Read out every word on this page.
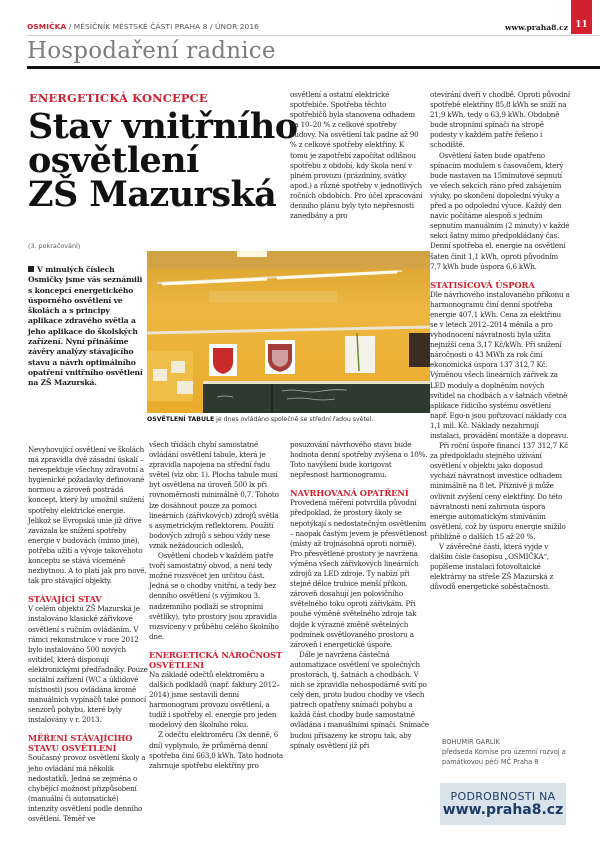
OSMIČKA / MĚSÍČNÍK MĚSTSKÉ ČÁSTI PRAHA 8 / ÚNOR 2016	www.praha8.cz 11
Hospodaření radnice
ENERGETICKÁ KONCEPCE
Stav vnitřního
osvětlení
ZŠ Mazurská
(3. pokračování)
V minulých číslech Osmičky jsme vás seznámili s koncepcí energetického úsporného osvětlení ve školách a s principy aplikace zdravého světla a jeho aplikace do školských zařízení. Nyní přinášíme závěry analýzy stávajícího stavu a návrh optimálního opatření vnitřního osvětlení na ZŠ Mazurská.
OSVĚTLENÍ TABULE je dnes ovládáno společně se střední řadou světel.

Nevyhovující osvětlení ve školách má zpravidla dvě zásadní úskalí – nerespektuje všechny zdravotní a hygienické požadavky definované normou a zároveň postrádá koncept, který by umožnil snížení spotřeby elektrické energie. Jelikož se Evropská unie již dříve zavázala ke snížení spotřeby energie v budovách (mimo jiné), potřeba užití a vývoje takovéhoto konceptu se stává víceméně nezbytnou. A to platí jak pro nové, tak pro stávající objekty.

STÁVAJÍCÍ STAV

V celém objektu ZŠ Mazurská je instalováno klasické zářivkové osvětlení s ručním ovládáním. V rámci rekonstrukce v roce 2012 bylo instalováno 500 nových svítidel, která disponují elektronickými předřadníky. Pouze sociální zařízení (WC a úklidové místnosti) jsou ovládána kromě manuálních vypínačů také pomocí senzorů pohybu, které byly instalovány v r. 2013.

MĚŘENÍ STÁVAJÍCÍHO STAVU OSVĚTLENÍ

Současný provoz osvětlení školy a jeho ovládání má několik nedostatků. Jedná se zejména o chybějící možnost přizpůsobení (manuální či automatické) intenzity osvětlení podle denního osvětlení. Téměř ve

všech třídách chybí samostatné ovládání osvětlení tabule, která je zpravidla napojena na střední řadu světel (viz obr. 1). Plocha tabule musí byt osvětlena na úroveň 500 lx při rovnoměrnosti minimálně 0,7. Tohoto lze dosáhnout pouze za pomoci lineárních (zářivkových) zdrojů světla s asymetrickým reflektorem. Použití bodových zdrojů s sebou vždy nese vznik nežádoucích odlesků.

Osvětlení chodeb v každém patře tvoří samostatný obvod, a není tedy možné rozsvěcet jen určitou část. Jedná se o chodby vnitřní, a tedy bez denního osvětlení (s výjimkou 3. nadzemního podlaží se stropními světlíky), tyto prostory jsou zpravidla rozsvíceny v průběhu celého školního dne.

ENERGETICKÁ NÁROČNOST OSVĚTLENÍ

Na základě odečtů elektroměru a dalších podkladů (např. faktury 2012–2014) jsme sestavili denní harmonogram provozu osvětlení, a tudíž i spotřeby el. energie pro jeden modelový den školního roku.

Z odečtu elektroměru (3x denně, 6 dní) vyplynulo, že průměrná denní spotřeba činí 663,0 kWh. Tato hodnota zahrnuje spotřebu elektřiny pro

osvětlení a ostatní elektrické spotřebiče. Spotřeba těchto spotřebičů byla stanovena odhadem na 10–20 % z celkové spotřeby budovy. Na osvětlení tak padne až 90 % z celkové spotřeby elektřiny. K tomu je zapotřebí započítat odlišnou spotřebu z období, kdy škola není v plném provozu (prázdniny, svátky apod.) a různé spotřeby v jednotlivých ročních obdobích. Pro účel zpracování denního plánu byly tyto nepřesnosti zanedbány a pro

posuzování návrhového stavu bude hodnota denní spotřeby zvýšena o 10%. Toto navýšení bude korigovat nepřesnost harmonogramu.

NAVRHOVANÁ OPATŘENÍ

Provedená měření potvrdila původní předpoklad, že prostory školy se nepotýkají s nedostatečným osvětlením – naopak častým jevem je přesvětlenost (místy až trojnásobná oproti normě). Pro přesvětlené prostory je navržena výměna všech zářivkových lineárních zdrojů za LED zdroje. Ty nabízí při stejné délce trubice menší příkon, zároveň dosahují jen polovičního světelného toku oproti zářivkám. Při pouhé výměně světelného zdroje tak dojde k výrazné změně světelných podmínek osvětlovaného prostoru a zároveň i energetické úspoře.

Dále je navržena částečná automatizace osvětlení ve společných prostorách, tj. šatnách a chodbách. V nich se zpravidla nehospodárně svítí po celý den, proto budou chodby ve všech patrech opatřeny snímači pohybu a každá část chodby bude samostatně ovládána i manuálními spínači. Snímače budou přisazeny ke stropu tak, aby spínaly osvětlení již při

otevírání dveří v chodbě. Oproti původní spotřebě elektřiny 85,8 kWh se sníží na 21,9 kWh, tedy o 63,9 kWh. Obdobně bude stropními spínači na stropě podesty v každém patře řešeno i schodiště.

Osvětlení šaten bude opatřeno spínacím modulem s časovačem, který bude nastaven na 15minutové sepnutí ve všech sekcích ráno před zahájením výuky, po skončení dopolední výuky a před a po odpolední výuce. Každý den navíc počítáme alespoň s jedním sepnutím manuálním (2 minuty) v každé sekci šatny mimo předpokládaný čas. Denní spotřeba el. energie na osvětlení šaten činit 1,1 kWh, oproti původním 7,7 kWh bude úspora 6,6 kWh.

STATISÍCOVÁ ÚSPORA

Dle návrhového instalovaného příkonu a harmonogramu činí denní spotřeba energie 407,1 kWh. Cena za elektřinu se v letech 2012–2014 měnila a pro vyhodnocení návratnosti byla užita nejnižší cena 3,17 Kč/kWh. Při snížení náročnosti o 43 MWh za rok činí ekonomická úspora 137 312,7 Kč. Výměnou všech lineárních zářivek za LED moduly a doplněním nových svítidel na chodbách a v šatnách včetně aplikace řídicího systému osvětlení např. Ego-n jsou pořizovací náklady cca 1,1 mil. Kč. Náklady nezahrnují instalaci, provádění montáže a dopravu.

Při roční úspoře financí 137 312,7 Kč za předpokladu stejného užívání osvětlení v objektu jako doposud vychází návratnost investice odhadem minimálně na 8 let. Příznivě ji může ovlivnit zvýšení ceny elektřiny. Do této návratnosti není zahrnuta úspora energie automatickým stmíváním osvětlení, což by úsporu energie snížilo přibližně o dalších 15 až 20 %.

V závěrečné části, která vyjde v dalším čísle časopisu „OSMIČKA“, popíšeme instalaci fotovoltaické elektrárny na střeše ZŠ Mazurská z důvodů energetické soběstačnosti.

BOHUMÍR GARLÍK
předseda Komise pro územní rozvoj a památkovou péči MČ Praha 8
PODROBNOSTI NA
www.praha8.cz
